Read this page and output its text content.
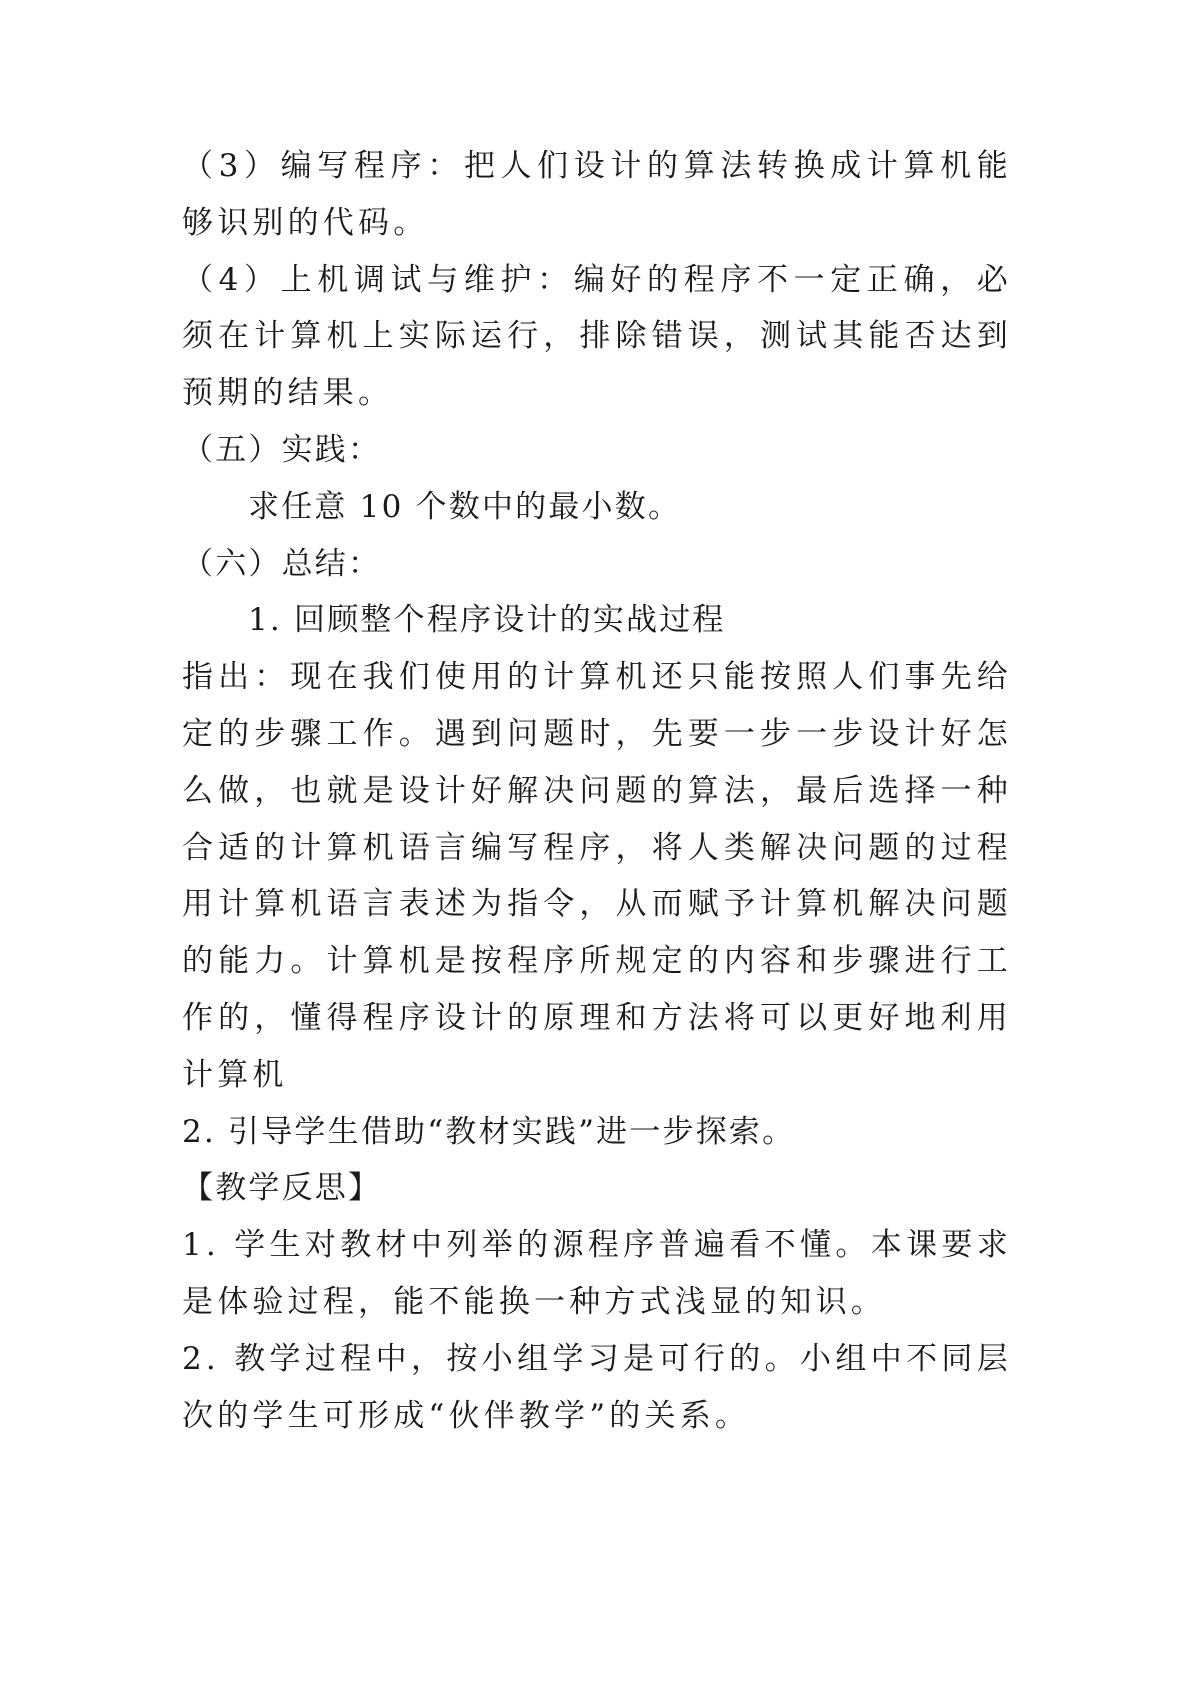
（3）编写程序：把人们设计的算法转换成计算机能够识别的代码。

（4）上机调试与维护：编好的程序不一定正确，必须在计算机上实际运行，排除错误，测试其能否达到预期的结果。

（五）实践：

求任意 10 个数中的最小数。

（六）总结：

1. 回顾整个程序设计的实战过程

指出：现在我们使用的计算机还只能按照人们事先给定的步骤工作。遇到问题时，先要一步一步设计好怎么做，也就是设计好解决问题的算法，最后选择一种合适的计算机语言编写程序，将人类解决问题的过程用计算机语言表述为指令，从而赋予计算机解决问题的能力。计算机是按程序所规定的内容和步骤进行工作的，懂得程序设计的原理和方法将可以更好地利用计算机

2. 引导学生借助“教材实践”进一步探索。

【教学反思】

1. 学生对教材中列举的源程序普遍看不懂。本课要求是体验过程，能不能换一种方式浅显的知识。

2. 教学过程中，按小组学习是可行的。小组中不同层次的学生可形成“伙伴教学”的关系。
